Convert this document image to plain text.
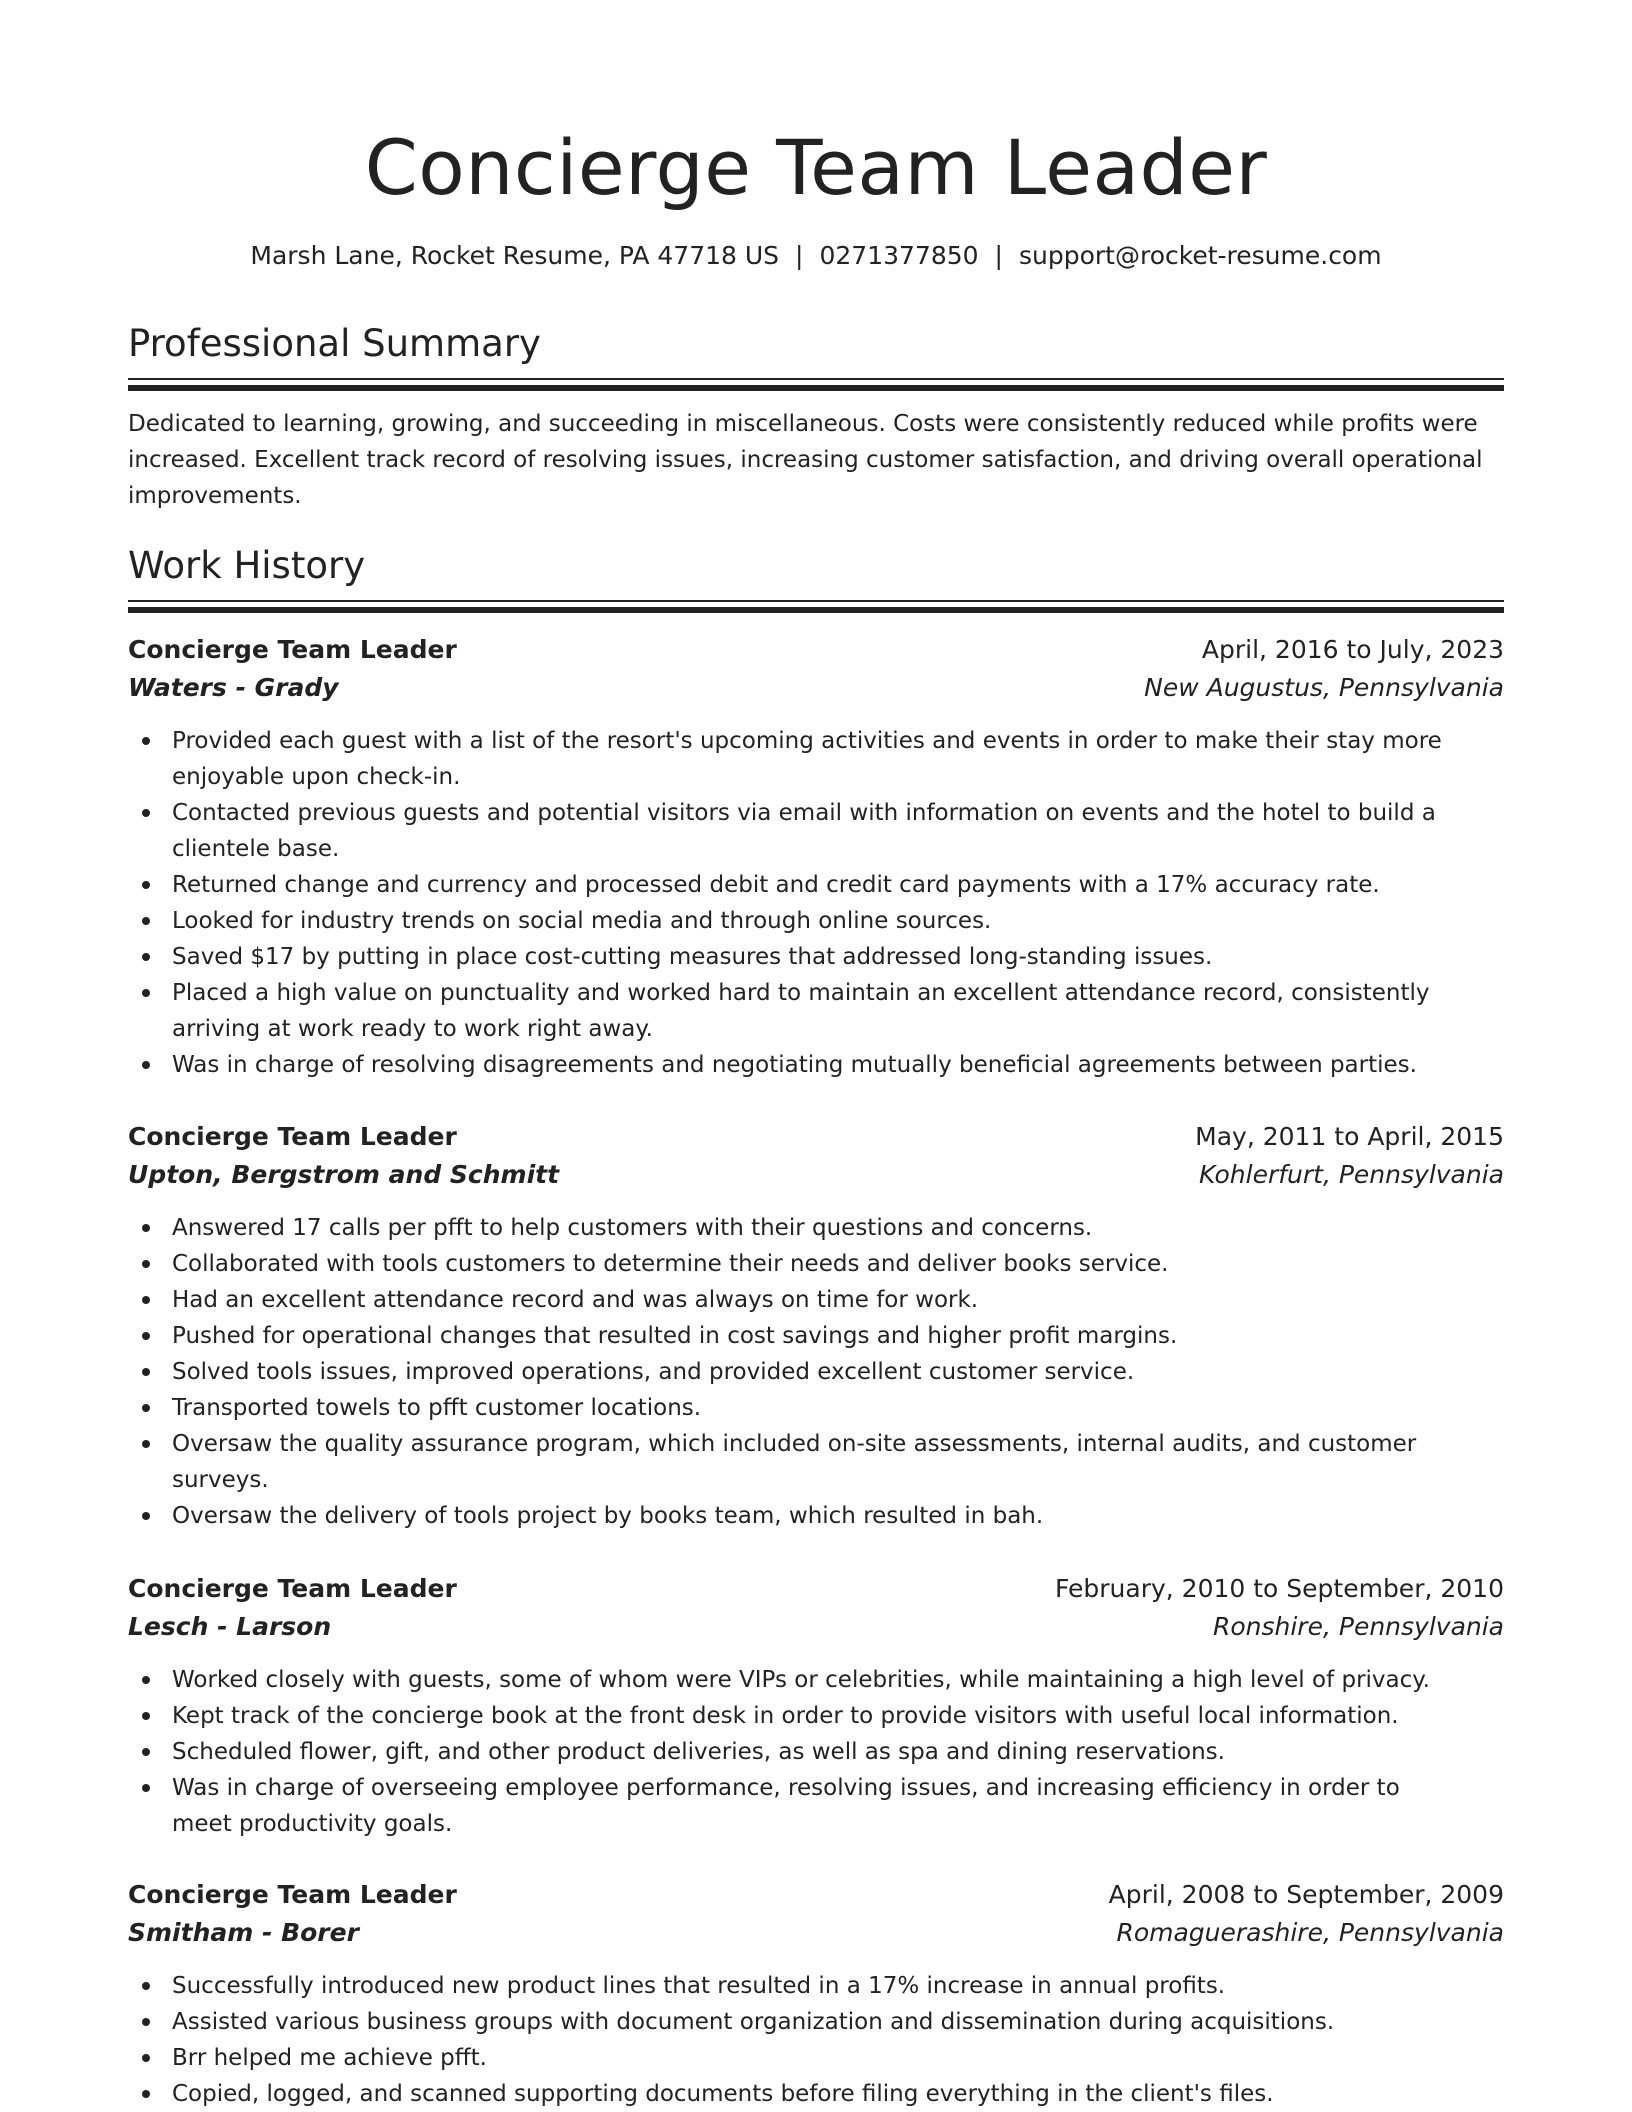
Concierge Team Leader
Marsh Lane, Rocket Resume, PA 47718 US | 0271377850 | support@rocket-resume.com
Professional Summary

Dedicated to learning, growing, and succeeding in miscellaneous. Costs were consistently reduced while profits were increased. Excellent track record of resolving issues, increasing customer satisfaction, and driving overall operational improvements.

Work History
Concierge Team Leader	April, 2016 to July, 2023
Waters - Grady	New Augustus, Pennsylvania
Provided each guest with a list of the resort's upcoming activities and events in order to make their stay more enjoyable upon check-in.
Contacted previous guests and potential visitors via email with information on events and the hotel to build a clientele base.
Returned change and currency and processed debit and credit card payments with a 17% accuracy rate.
Looked for industry trends on social media and through online sources.
Saved $17 by putting in place cost-cutting measures that addressed long-standing issues.
Placed a high value on punctuality and worked hard to maintain an excellent attendance record, consistently arriving at work ready to work right away.
Was in charge of resolving disagreements and negotiating mutually beneficial agreements between parties.
Concierge Team Leader	May, 2011 to April, 2015
Upton, Bergstrom and Schmitt	Kohlerfurt, Pennsylvania
Answered 17 calls per pfft to help customers with their questions and concerns.
Collaborated with tools customers to determine their needs and deliver books service.
Had an excellent attendance record and was always on time for work.
Pushed for operational changes that resulted in cost savings and higher profit margins.
Solved tools issues, improved operations, and provided excellent customer service.
Transported towels to pfft customer locations.
Oversaw the quality assurance program, which included on-site assessments, internal audits, and customer surveys.
Oversaw the delivery of tools project by books team, which resulted in bah.
Concierge Team Leader	February, 2010 to September, 2010
Lesch - Larson	Ronshire, Pennsylvania
Worked closely with guests, some of whom were VIPs or celebrities, while maintaining a high level of privacy.
Kept track of the concierge book at the front desk in order to provide visitors with useful local information.
Scheduled flower, gift, and other product deliveries, as well as spa and dining reservations.
Was in charge of overseeing employee performance, resolving issues, and increasing efficiency in order to meet productivity goals.
Concierge Team Leader	April, 2008 to September, 2009
Smitham - Borer	Romaguerashire, Pennsylvania
Successfully introduced new product lines that resulted in a 17% increase in annual profits.
Assisted various business groups with document organization and dissemination during acquisitions.
Brr helped me achieve pfft.
Copied, logged, and scanned supporting documents before filing everything in the client's files.
